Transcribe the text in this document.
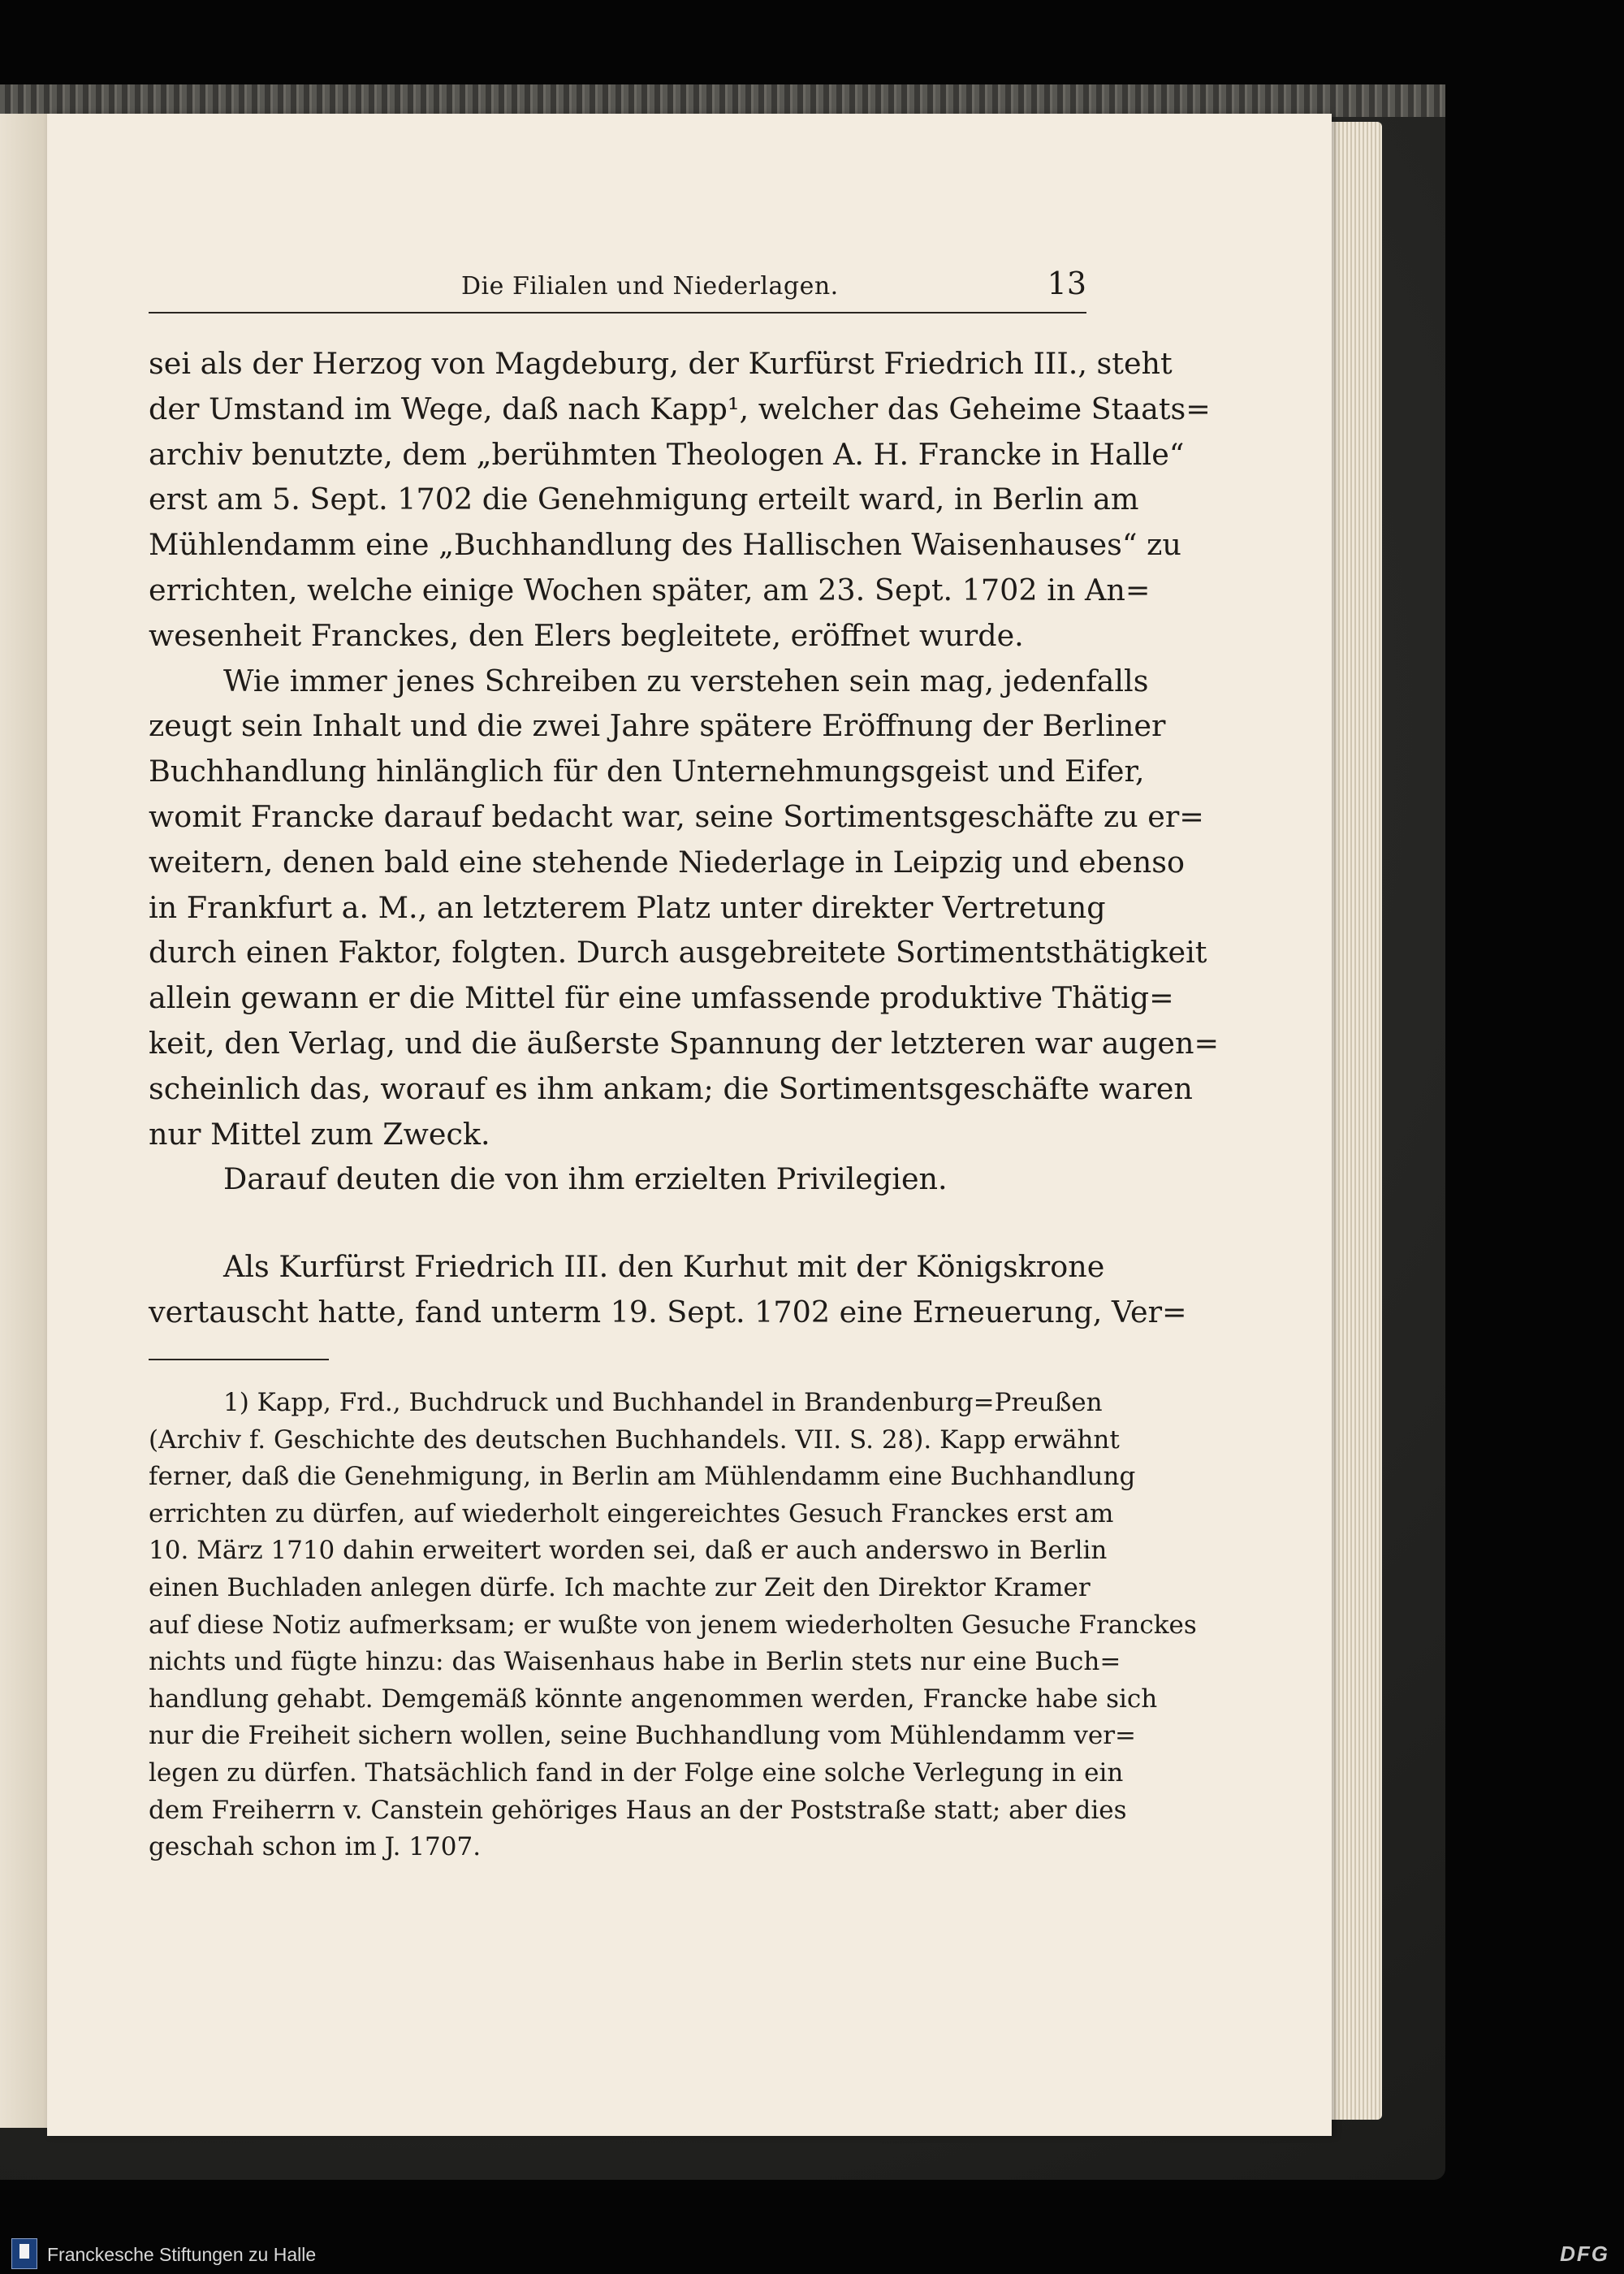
Die Filialen und Niederlagen.	13
sei als der Herzog von Magdeburg, der Kurfürst Friedrich III., steht
der Umstand im Wege, daß nach Kapp¹, welcher das Geheime Staats=
archiv benutzte, dem „berühmten Theologen A. H. Francke in Halle“
erst am 5. Sept. 1702 die Genehmigung erteilt ward, in Berlin am
Mühlendamm eine „Buchhandlung des Hallischen Waisenhauses“ zu
errichten, welche einige Wochen später, am 23. Sept. 1702 in An=
wesenheit Franckes, den Elers begleitete, eröffnet wurde.
Wie immer jenes Schreiben zu verstehen sein mag, jedenfalls
zeugt sein Inhalt und die zwei Jahre spätere Eröffnung der Berliner
Buchhandlung hinlänglich für den Unternehmungsgeist und Eifer,
womit Francke darauf bedacht war, seine Sortimentsgeschäfte zu er=
weitern, denen bald eine stehende Niederlage in Leipzig und ebenso
in Frankfurt a. M., an letzterem Platz unter direkter Vertretung
durch einen Faktor, folgten. Durch ausgebreitete Sortimentsthätigkeit
allein gewann er die Mittel für eine umfassende produktive Thätig=
keit, den Verlag, und die äußerste Spannung der letzteren war augen=
scheinlich das, worauf es ihm ankam; die Sortimentsgeschäfte waren
nur Mittel zum Zweck.
Darauf deuten die von ihm erzielten Privilegien.
Als Kurfürst Friedrich III. den Kurhut mit der Königskrone
vertauscht hatte, fand unterm 19. Sept. 1702 eine Erneuerung, Ver=
1) Kapp, Frd., Buchdruck und Buchhandel in Brandenburg=Preußen
(Archiv f. Geschichte des deutschen Buchhandels. VII. S. 28). Kapp erwähnt
ferner, daß die Genehmigung, in Berlin am Mühlendamm eine Buchhandlung
errichten zu dürfen, auf wiederholt eingereichtes Gesuch Franckes erst am
10. März 1710 dahin erweitert worden sei, daß er auch anderswo in Berlin
einen Buchladen anlegen dürfe. Ich machte zur Zeit den Direktor Kramer
auf diese Notiz aufmerksam; er wußte von jenem wiederholten Gesuche Franckes
nichts und fügte hinzu: das Waisenhaus habe in Berlin stets nur eine Buch=
handlung gehabt. Demgemäß könnte angenommen werden, Francke habe sich
nur die Freiheit sichern wollen, seine Buchhandlung vom Mühlendamm ver=
legen zu dürfen. Thatsächlich fand in der Folge eine solche Verlegung in ein
dem Freiherrn v. Canstein gehöriges Haus an der Poststraße statt; aber dies
geschah schon im J. 1707.
Franckesche Stiftungen zu Halle	DFG
